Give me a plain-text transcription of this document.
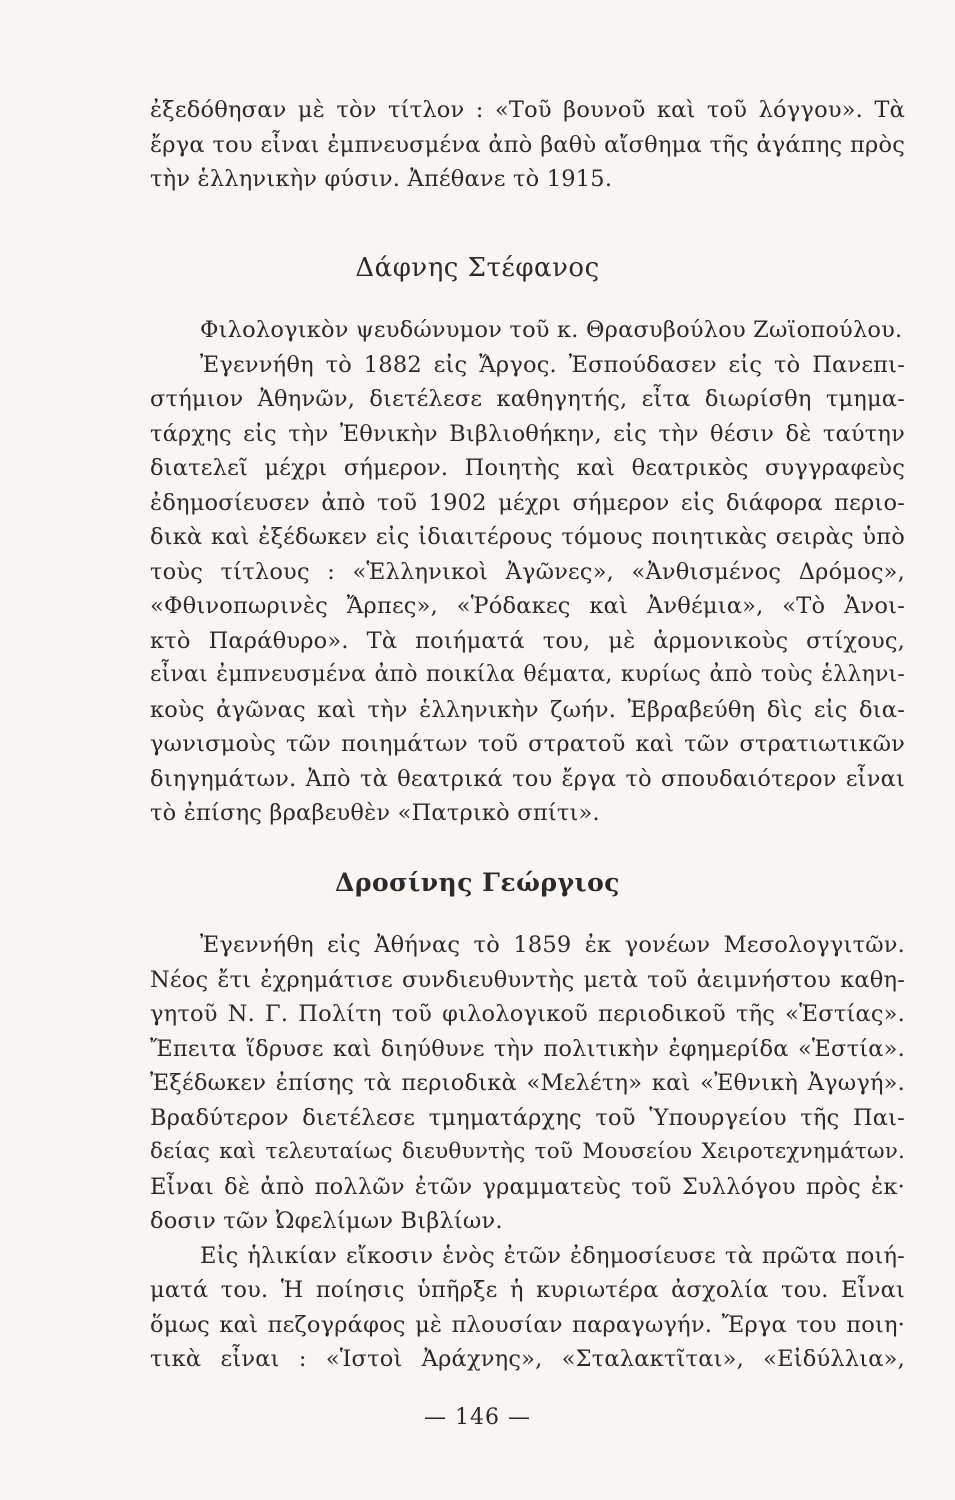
ἐξεδόθησαν μὲ τὸν τίτλον : «Τοῦ βουνοῦ καὶ τοῦ λόγγου». Τὰ
ἔργα του εἶναι ἐμπνευσμένα ἀπὸ βαθὺ αἴσθημα τῆς ἀγάπης πρὸς
τὴν ἑλληνικὴν φύσιν. Ἀπέθανε τὸ 1915.
Δάφνης Στέφανος
Φιλολογικὸν ψευδώνυμον τοῦ κ. Θρασυβούλου Ζωϊοπούλου.
Ἐγεννήθη τὸ 1882 εἰς Ἄργος. Ἐσπούδασεν εἰς τὸ Πανεπι-
στήμιον Ἀθηνῶν, διετέλεσε καθηγητής, εἶτα διωρίσθη τμημα-
τάρχης εἰς τὴν Ἐθνικὴν Βιβλιοθήκην, εἰς τὴν θέσιν δὲ ταύτην
διατελεῖ μέχρι σήμερον. Ποιητὴς καὶ θεατρικὸς συγγραφεὺς
ἐδημοσίευσεν ἀπὸ τοῦ 1902 μέχρι σήμερον εἰς διάφορα περιο-
δικὰ καὶ ἐξέδωκεν εἰς ἰδιαιτέρους τόμους ποιητικὰς σειρὰς ὑπὸ
τοὺς τίτλους : «Ἑλληνικοὶ Ἀγῶνες», «Ἀνθισμένος Δρόμος»,
«Φθινοπωρινὲς Ἄρπες», «Ῥόδακες καὶ Ἀνθέμια», «Τὸ Ἀνοι-
κτὸ Παράθυρο». Τὰ ποιήματά του, μὲ ἁρμονικοὺς στίχους,
εἶναι ἐμπνευσμένα ἀπὸ ποικίλα θέματα, κυρίως ἀπὸ τοὺς ἑλληνι-
κοὺς ἀγῶνας καὶ τὴν ἑλληνικὴν ζωήν. Ἐβραβεύθη δὶς εἰς δια-
γωνισμοὺς τῶν ποιημάτων τοῦ στρατοῦ καὶ τῶν στρατιωτικῶν
διηγημάτων. Ἀπὸ τὰ θεατρικά του ἔργα τὸ σπουδαιότερον εἶναι
τὸ ἐπίσης βραβευθὲν «Πατρικὸ σπίτι».
Δροσίνης Γεώργιος
Ἐγεννήθη εἰς Ἀθήνας τὸ 1859 ἐκ γονέων Μεσολογγιτῶν.
Νέος ἔτι ἐχρημάτισε συνδιευθυντὴς μετὰ τοῦ ἀειμνήστου καθη-
γητοῦ Ν. Γ. Πολίτη τοῦ φιλολογικοῦ περιοδικοῦ τῆς «Ἑστίας».
Ἔπειτα ἵδρυσε καὶ διηύθυνε τὴν πολιτικὴν ἐφημερίδα «Ἑστία».
Ἐξέδωκεν ἐπίσης τὰ περιοδικὰ «Μελέτη» καὶ «Ἐθνικὴ Ἀγωγή».
Βραδύτερον διετέλεσε τμηματάρχης τοῦ Ὑπουργείου τῆς Παι-
δείας καὶ τελευταίως διευθυντὴς τοῦ Μουσείου Χειροτεχνημάτων.
Εἶναι δὲ ἀπὸ πολλῶν ἐτῶν γραμματεὺς τοῦ Συλλόγου πρὸς ἐκ·
δοσιν τῶν Ὠφελίμων Βιβλίων.
Εἰς ἡλικίαν εἴκοσιν ἑνὸς ἐτῶν ἐδημοσίευσε τὰ πρῶτα ποιή-
ματά του. Ἡ ποίησις ὑπῆρξε ἡ κυριωτέρα ἀσχολία του. Εἶναι
ὅμως καὶ πεζογράφος μὲ πλουσίαν παραγωγήν. Ἔργα του ποιη·
τικὰ εἶναι : «Ἱστοὶ Ἀράχνης», «Σταλακτῖται», «Εἰδύλλια»,
— 146 —
